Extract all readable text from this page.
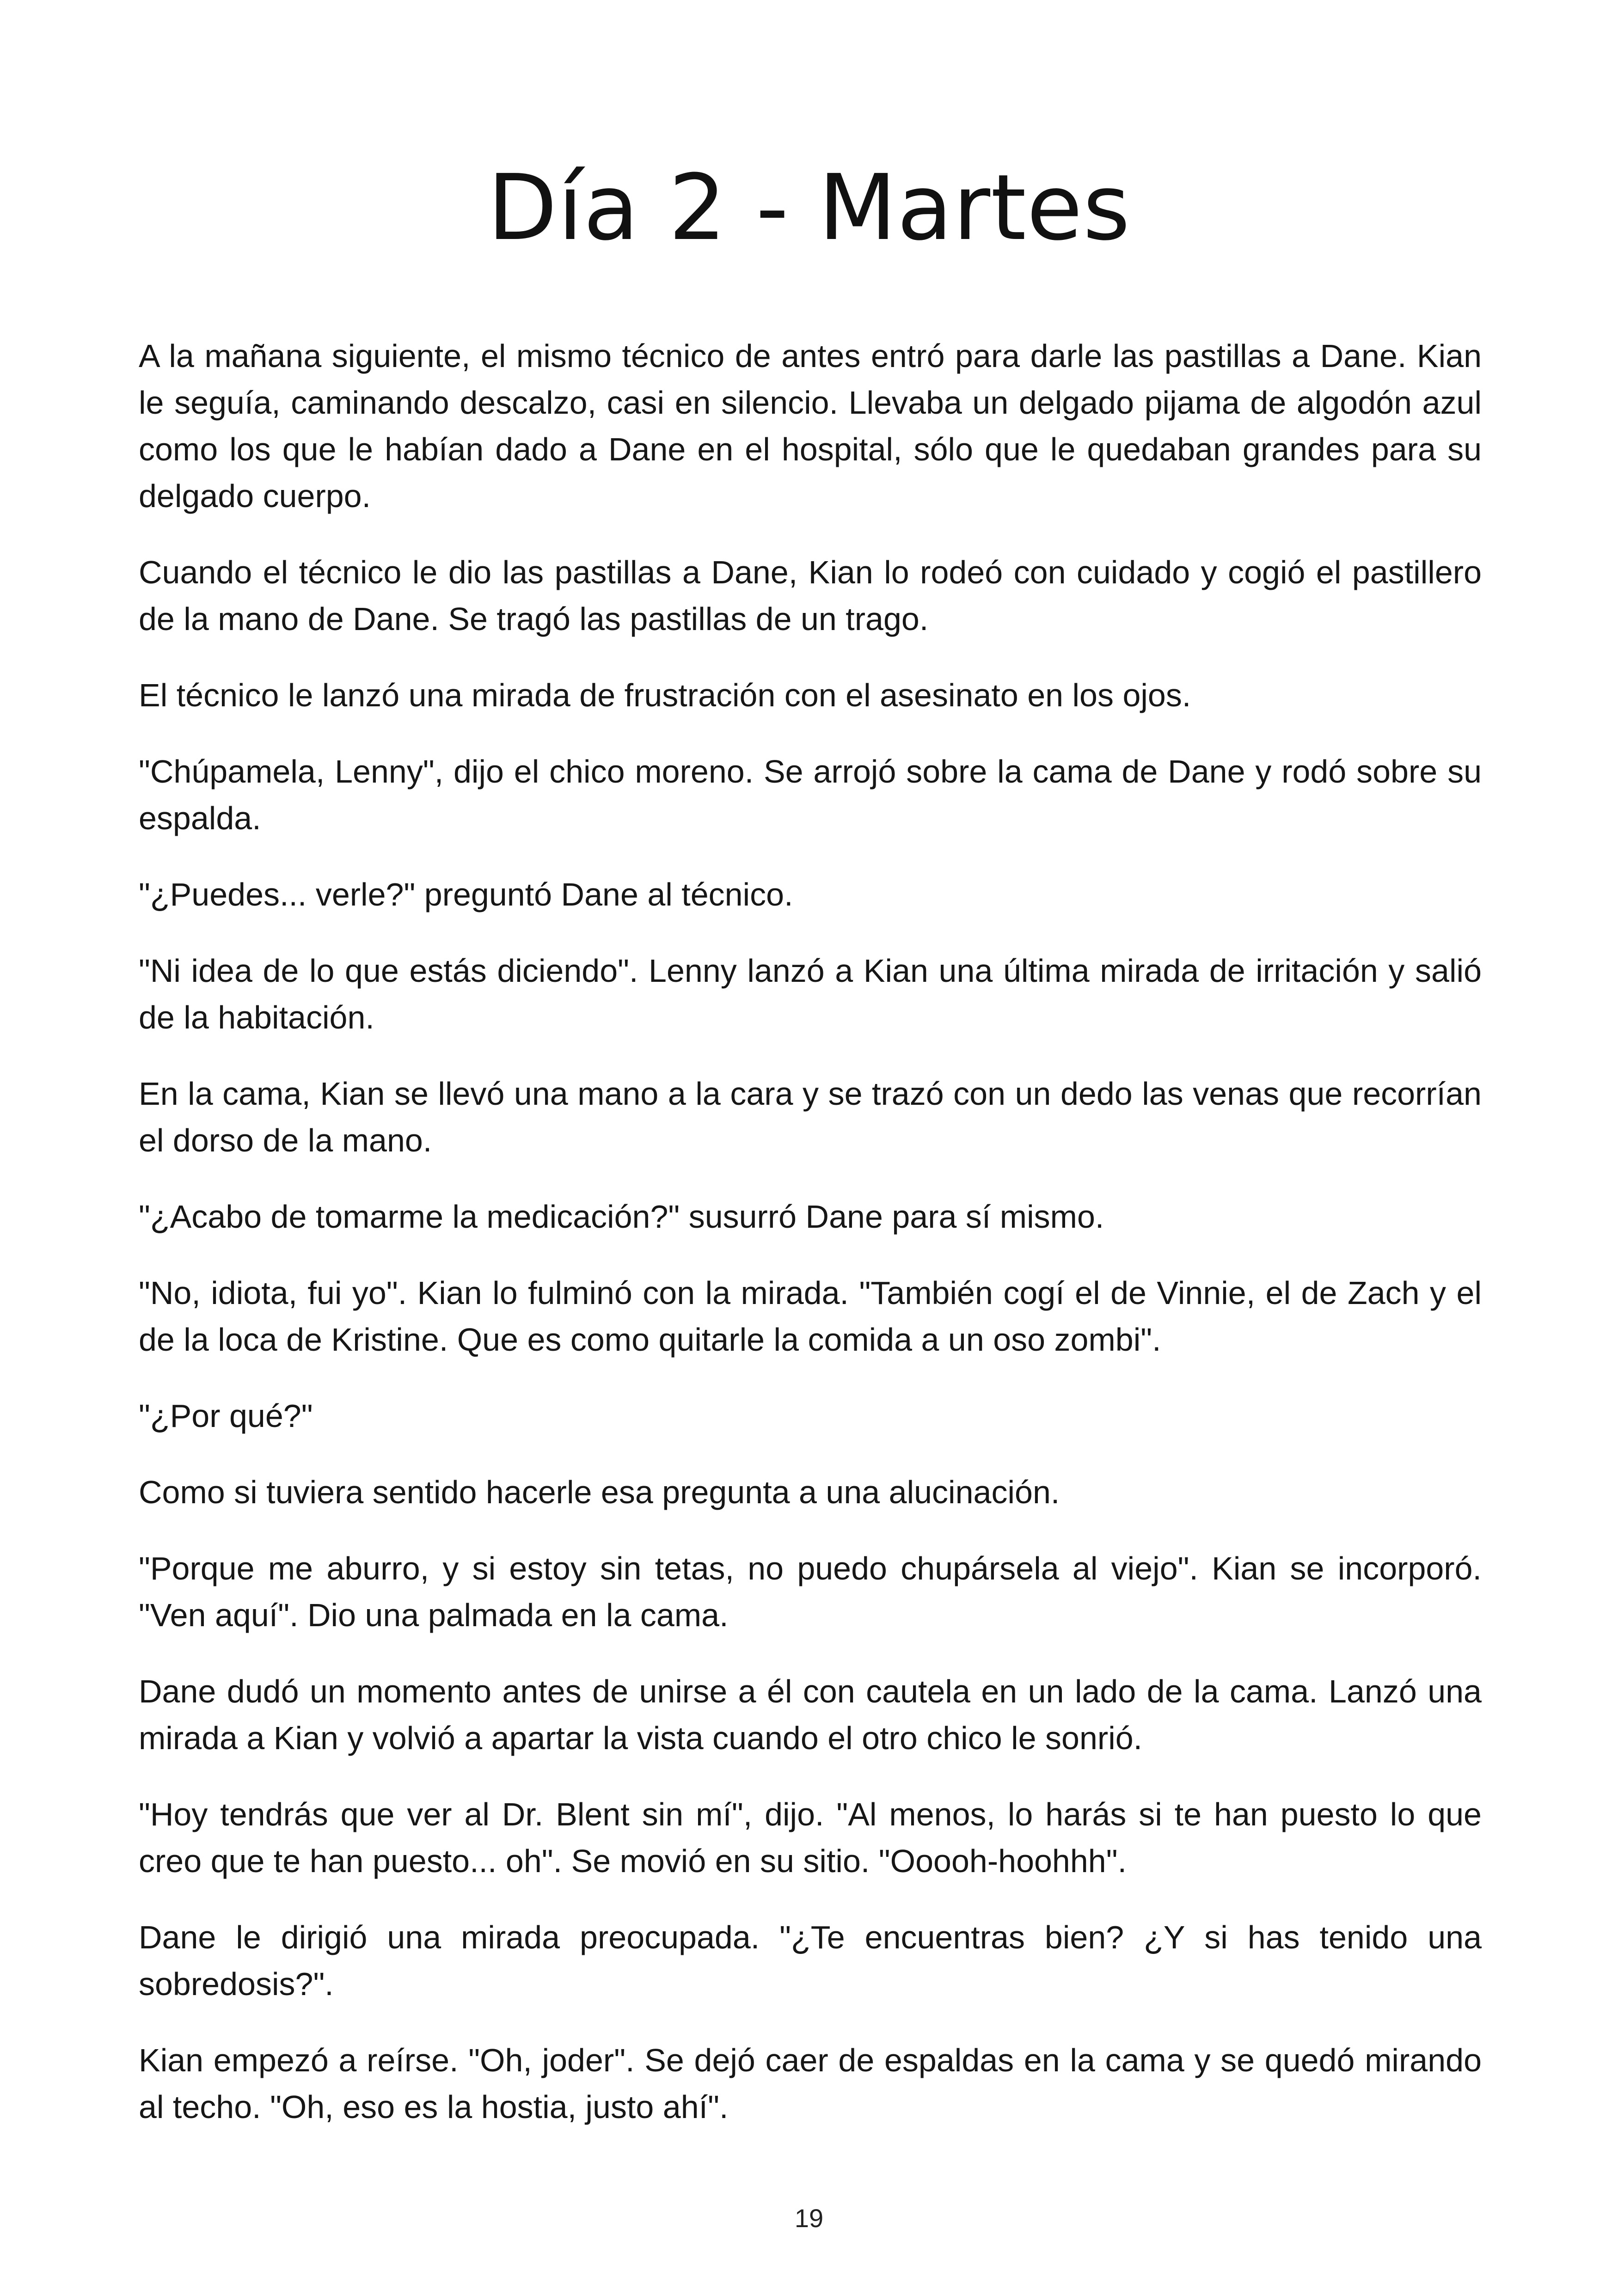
Día 2 - Martes

A la mañana siguiente, el mismo técnico de antes entró para darle las pastillas a Dane. Kian le seguía, caminando descalzo, casi en silencio. Llevaba un delgado pijama de algodón azul como los que le habían dado a Dane en el hospital, sólo que le quedaban grandes para su delgado cuerpo.

Cuando el técnico le dio las pastillas a Dane, Kian lo rodeó con cuidado y cogió el pastillero de la mano de Dane. Se tragó las pastillas de un trago.

El técnico le lanzó una mirada de frustración con el asesinato en los ojos.

"Chúpamela, Lenny", dijo el chico moreno. Se arrojó sobre la cama de Dane y rodó sobre su espalda.

"¿Puedes... verle?" preguntó Dane al técnico.

"Ni idea de lo que estás diciendo". Lenny lanzó a Kian una última mirada de irritación y salió de la habitación.

En la cama, Kian se llevó una mano a la cara y se trazó con un dedo las venas que recorrían el dorso de la mano.

"¿Acabo de tomarme la medicación?" susurró Dane para sí mismo.

"No, idiota, fui yo". Kian lo fulminó con la mirada. "También cogí el de Vinnie, el de Zach y el de la loca de Kristine. Que es como quitarle la comida a un oso zombi".

"¿Por qué?"

Como si tuviera sentido hacerle esa pregunta a una alucinación.

"Porque me aburro, y si estoy sin tetas, no puedo chupársela al viejo". Kian se incorporó. "Ven aquí". Dio una palmada en la cama.

Dane dudó un momento antes de unirse a él con cautela en un lado de la cama. Lanzó una mirada a Kian y volvió a apartar la vista cuando el otro chico le sonrió.

"Hoy tendrás que ver al Dr. Blent sin mí", dijo. "Al menos, lo harás si te han puesto lo que creo que te han puesto... oh". Se movió en su sitio. "Ooooh-hoohhh".

Dane le dirigió una mirada preocupada. "¿Te encuentras bien? ¿Y si has tenido una sobredosis?".

Kian empezó a reírse. "Oh, joder". Se dejó caer de espaldas en la cama y se quedó mirando al techo. "Oh, eso es la hostia, justo ahí".

19
